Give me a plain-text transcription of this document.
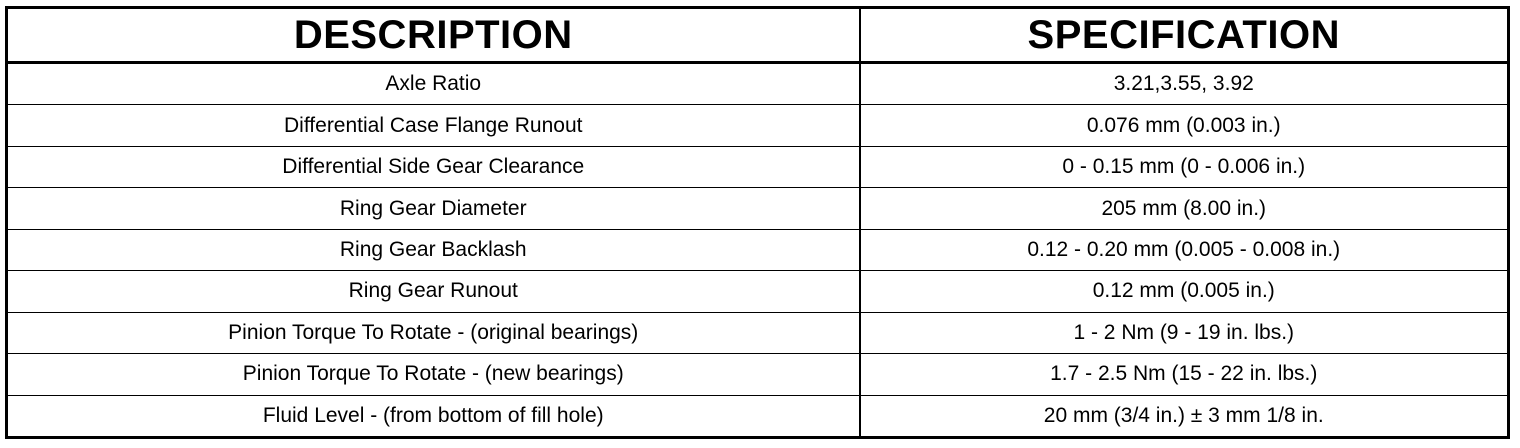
DESCRIPTION	SPECIFICATION
Axle Ratio	3.21,3.55, 3.92
Differential Case Flange Runout	0.076 mm (0.003 in.)
Differential Side Gear Clearance	0 - 0.15 mm (0 - 0.006 in.)
Ring Gear Diameter	205 mm (8.00 in.)
Ring Gear Backlash	0.12 - 0.20 mm (0.005 - 0.008 in.)
Ring Gear Runout	0.12 mm (0.005 in.)
Pinion Torque To Rotate - (original bearings)	1 - 2 Nm (9 - 19 in. lbs.)
Pinion Torque To Rotate - (new bearings)	1.7 - 2.5 Nm (15 - 22 in. lbs.)
Fluid Level - (from bottom of fill hole)	20 mm (3/4 in.) ± 3 mm 1/8 in.
